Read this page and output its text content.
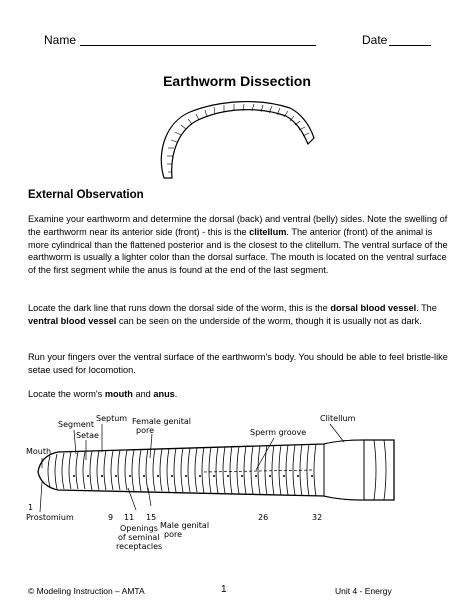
Name	Date
Earthworm Dissection
External Observation
Examine your earthworm and determine the dorsal (back) and ventral (belly) sides. Note the swelling of the earthworm near its anterior side (front) - this is the clitellum. The anterior (front) of the animal is more cylindrical than the flattened posterior and is the closest to the clitellum. The ventral surface of the earthworm is usually a lighter color than the dorsal surface. The mouth is located on the ventral surface of the first segment while the anus is found at the end of the last segment.
Locate the dark line that runs down the dorsal side of the worm, this is the dorsal blood vessel. The ventral blood vessel can be seen on the underside of the worm, though it is usually not as dark.
Run your fingers over the ventral surface of the earthworm's body. You should be able to feel bristle-like setae used for locomotion.
Locate the worm's mouth and anus.
Segment
Septum
Setae
Female genital
pore	Sperm groove
Clitellum
Mouth
Prostomium
1
9 11 15	26	32
Male genital
pore
Openings
of seminal
receptacles
© Modeling Instruction – AMTA	1	Unit 4 - Energy
